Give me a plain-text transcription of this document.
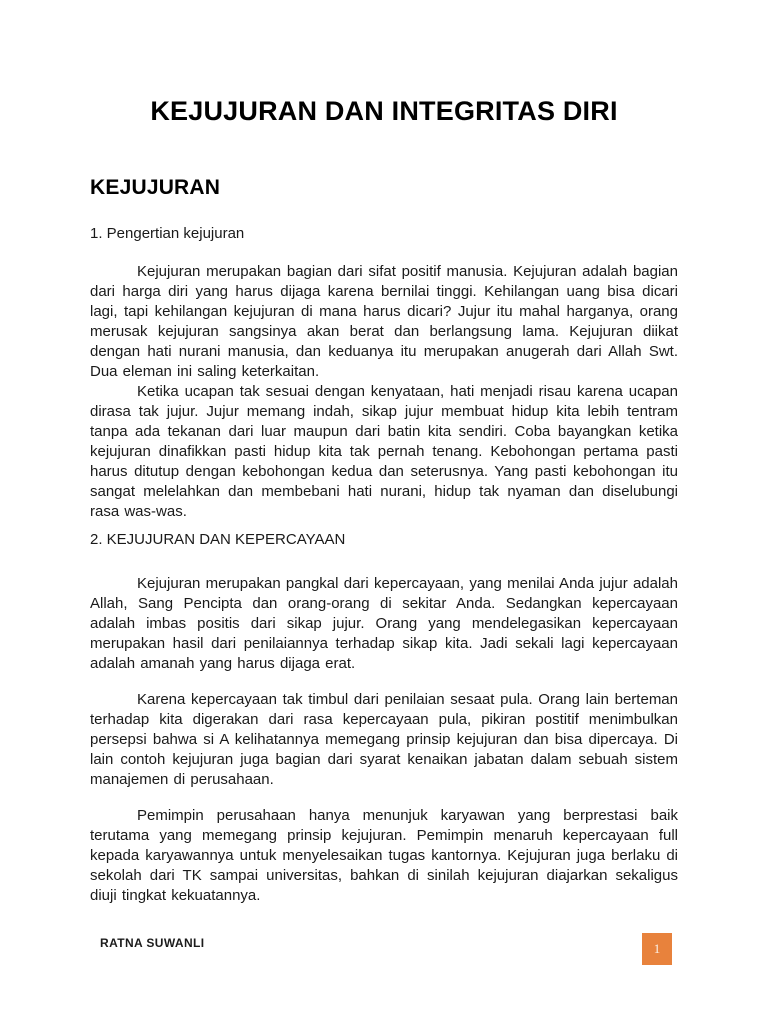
KEJUJURAN DAN INTEGRITAS DIRI
KEJUJURAN

1. Pengertian kejujuran

Kejujuran merupakan bagian dari sifat positif manusia. Kejujuran adalah bagian dari harga diri yang harus dijaga karena bernilai tinggi. Kehilangan uang bisa dicari lagi, tapi kehilangan kejujuran di mana harus dicari? Jujur itu mahal harganya, orang merusak kejujuran sangsinya akan berat dan berlangsung lama. Kejujuran diikat dengan hati nurani manusia, dan keduanya itu merupakan anugerah dari Allah Swt. Dua eleman ini saling keterkaitan.

Ketika ucapan tak sesuai dengan kenyataan, hati menjadi risau karena ucapan dirasa tak jujur. Jujur memang indah, sikap jujur membuat hidup kita lebih tentram tanpa ada tekanan dari luar maupun dari batin kita sendiri. Coba bayangkan ketika kejujuran dinafikkan pasti hidup kita tak pernah tenang. Kebohongan pertama pasti harus ditutup dengan kebohongan kedua dan seterusnya. Yang pasti kebohongan itu sangat melelahkan dan membebani hati nurani, hidup tak nyaman dan diselubungi rasa was-was.

2. KEJUJURAN DAN KEPERCAYAAN

Kejujuran merupakan pangkal dari kepercayaan, yang menilai Anda jujur adalah Allah, Sang Pencipta dan orang-orang di sekitar Anda. Sedangkan kepercayaan adalah imbas positis dari sikap jujur. Orang yang mendelegasikan kepercayaan merupakan hasil dari penilaiannya terhadap sikap kita. Jadi sekali lagi kepercayaan adalah amanah yang harus dijaga erat.

Karena kepercayaan tak timbul dari penilaian sesaat pula. Orang lain berteman terhadap kita digerakan dari rasa kepercayaan pula, pikiran postitif menimbulkan persepsi bahwa si A kelihatannya memegang prinsip kejujuran dan bisa dipercaya. Di lain contoh kejujuran juga bagian dari syarat kenaikan jabatan dalam sebuah sistem manajemen di perusahaan.

Pemimpin perusahaan hanya menunjuk karyawan yang berprestasi baik terutama yang memegang prinsip kejujuran. Pemimpin menaruh kepercayaan full kepada karyawannya untuk menyelesaikan tugas kantornya. Kejujuran juga berlaku di sekolah dari TK sampai universitas, bahkan di sinilah kejujuran diajarkan sekaligus diuji tingkat kekuatannya.

RATNA SUWANLI	1
